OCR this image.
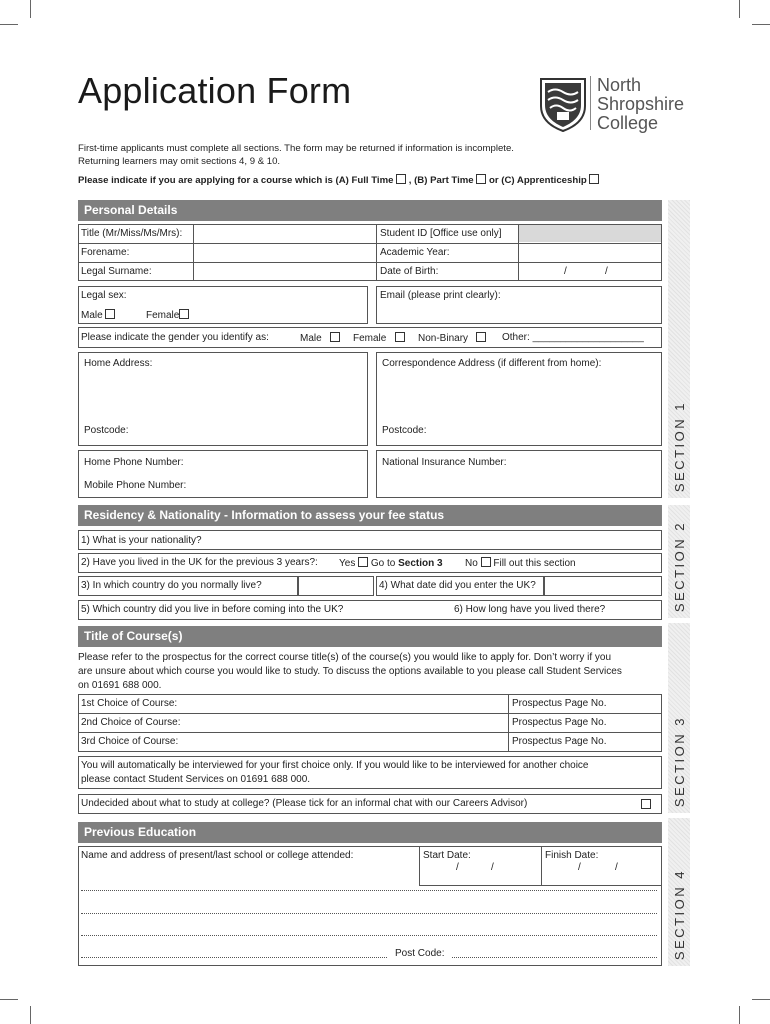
Application Form	North
Shropshire
College
First-time applicants must complete all sections. The form may be returned if information is incomplete.
Returning learners may omit sections 4, 9 & 10.
Please indicate if you are applying for a course which is (A) Full Time , (B) Part Time or (C) Apprenticeship
SECTION 1
SECTION 2
SECTION 3
SECTION 4
Personal Details
Title (Mr/Miss/Ms/Mrs):	Student ID [Office use only]
Forename:	Academic Year:
Legal Surname:	Date of Birth:	/	/
Legal sex:
Male	Female
Email (please print clearly):
Please indicate the gender you identify as:	Male	Female	Non-Binary	Other: ____________________
Home Address:
Postcode:
Correspondence Address (if different from home):
Postcode:
Home Phone Number:
Mobile Phone Number:
National Insurance Number:
Residency & Nationality - Information to assess your fee status
1) What is your nationality?
2) Have you lived in the UK for the previous 3 years?: Yes Go to Section 3 No Fill out this section
3) In which country do you normally live?	4) What date did you enter the UK?
5) Which country did you live in before coming into the UK?	6) How long have you lived there?
Title of Course(s)
Please refer to the prospectus for the correct course title(s) of the course(s) you would like to apply for. Don’t worry if you
are unsure about which course you would like to study. To discuss the options available to you please call Student Services
on 01691 688 000.
1st Choice of Course:	Prospectus Page No.
2nd Choice of Course:	Prospectus Page No.
3rd Choice of Course:	Prospectus Page No.
You will automatically be interviewed for your first choice only. If you would like to be interviewed for another choice
please contact Student Services on 01691 688 000.
Undecided about what to study at college? (Please tick for an informal chat with our Careers Advisor)
Previous Education
Name and address of present/last school or college attended:	Start Date:
/	/
Finish Date:
/	/
Post Code:
